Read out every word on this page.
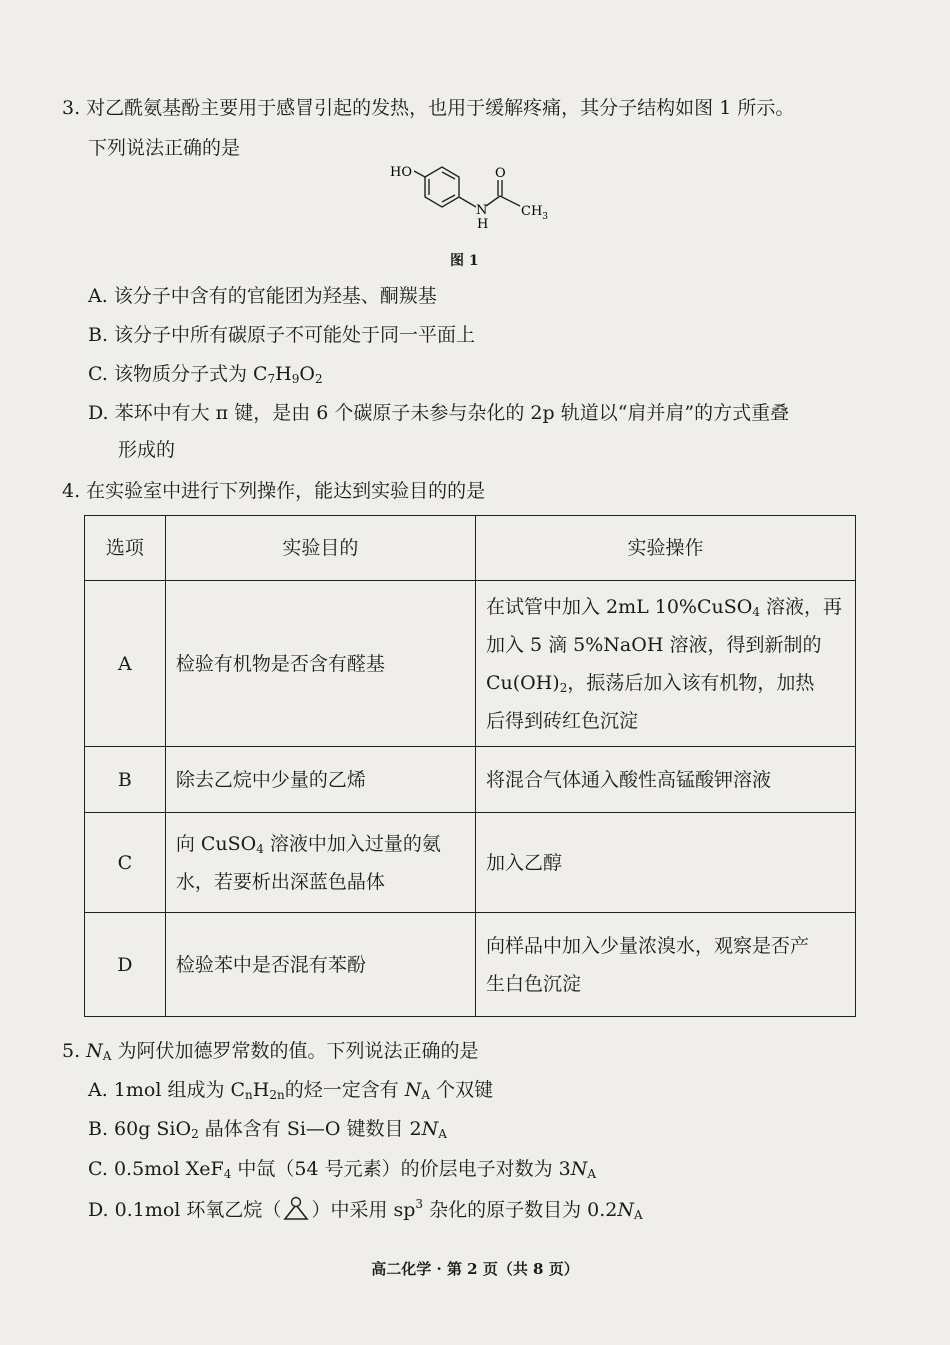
3. 对乙酰氨基酚主要用于感冒引起的发热，也用于缓解疼痛，其分子结构如图 1 所示。
下列说法正确的是
HO	O
N
H
$CH_3$
图 1
A. 该分子中含有的官能团为羟基、酮羰基
B. 该分子中所有碳原子不可能处于同一平面上
C. 该物质分子式为 $C_7H_9O_2$
D. 苯环中有大 π 键，是由 6 个碳原子未参与杂化的 2p 轨道以“肩并肩”的方式重叠
形成的
4. 在实验室中进行下列操作，能达到实验目的的是
选项	实验目的	实验操作
A	检验有机物是否含有醛基	在试管中加入 2mL 10%CuSO$_4$ 溶液，再
加入 5 滴 5%NaOH 溶液，得到新制的
$Cu(OH)_2$，振荡后加入该有机物，加热
后得到砖红色沉淀

B	除去乙烷中少量的乙烯	将混合气体通入酸性高锰酸钾溶液
C	向 CuSO$_4$ 溶液中加入过量的氨
水，若要析出深蓝色晶体	加入乙醇
D	检验苯中是否混有苯酚	向样品中加入少量浓溴水，观察是否产
生白色沉淀
5. $N_A$ 为阿伏加德罗常数的值。下列说法正确的是
A. 1mol 组成为 $C_nH_{2n}$的烃一定含有 $N_A$ 个双键
B. 60g SiO$_2$ 晶体含有 Si—O 键数目 $2N_A$
C. 0.5mol XeF$_4$ 中氙（54 号元素）的价层电子对数为 $3N_A$
D. 0.1mol 环氧乙烷（ ）中采用 $sp^3$ 杂化的原子数目为 $0.2N_A$
高二化学 · 第 2 页（共 8 页）
